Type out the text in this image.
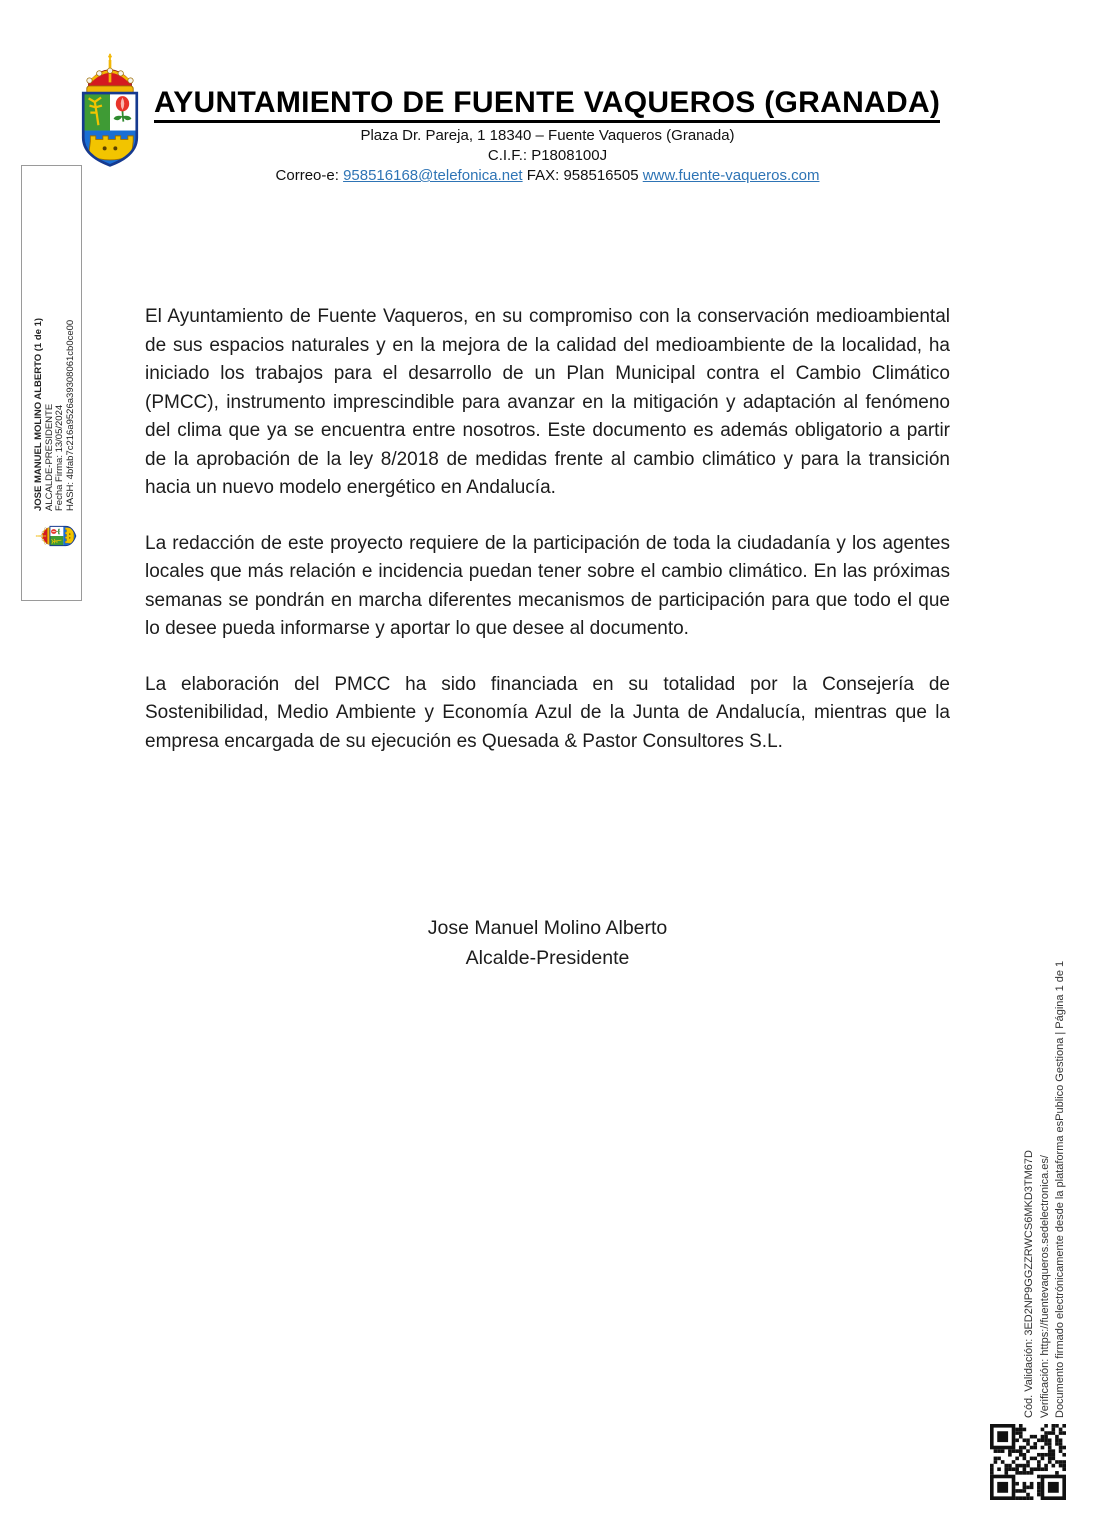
AYUNTAMIENTO DE FUENTE VAQUEROS (GRANADA)
Plaza Dr. Pareja, 1 18340 – Fuente Vaqueros (Granada)
C.I.F.: P1808100J
Correo-e: 958516168@telefonica.net FAX: 958516505 www.fuente-vaqueros.com
JOSE MANUEL MOLINO ALBERTO (1 de 1) ALCALDE-PRESIDENTE Fecha Firma: 13/05/2024 HASH: 4bfab7c216a9526a39308061cb0ce00

El Ayuntamiento de Fuente Vaqueros, en su compromiso con la conservación medioambiental de sus espacios naturales y en la mejora de la calidad del medioambiente de la localidad, ha iniciado los trabajos para el desarrollo de un Plan Municipal contra el Cambio Climático (PMCC), instrumento imprescindible para avanzar en la mitigación y adaptación al fenómeno del clima que ya se encuentra entre nosotros. Este documento es además obligatorio a partir de la aprobación de la ley 8/2018 de medidas frente al cambio climático y para la transición hacia un nuevo modelo energético en Andalucía.

La redacción de este proyecto requiere de la participación de toda la ciudadanía y los agentes locales que más relación e incidencia puedan tener sobre el cambio climático. En las próximas semanas se pondrán en marcha diferentes mecanismos de participación para que todo el que lo desee pueda informarse y aportar lo que desee al documento.

La elaboración del PMCC ha sido financiada en su totalidad por la Consejería de Sostenibilidad, Medio Ambiente y Economía Azul de la Junta de Andalucía, mientras que la empresa encargada de su ejecución es Quesada & Pastor Consultores S.L.

Jose Manuel Molino Alberto
Alcalde-Presidente
Cód. Validación: 3ED2NP9GGZZRWCS6MKD3TM67D Verificación: https://fuentevaqueros.sedelectronica.es/ Documento firmado electrónicamente desde la plataforma esPublico Gestiona | Página 1 de 1
